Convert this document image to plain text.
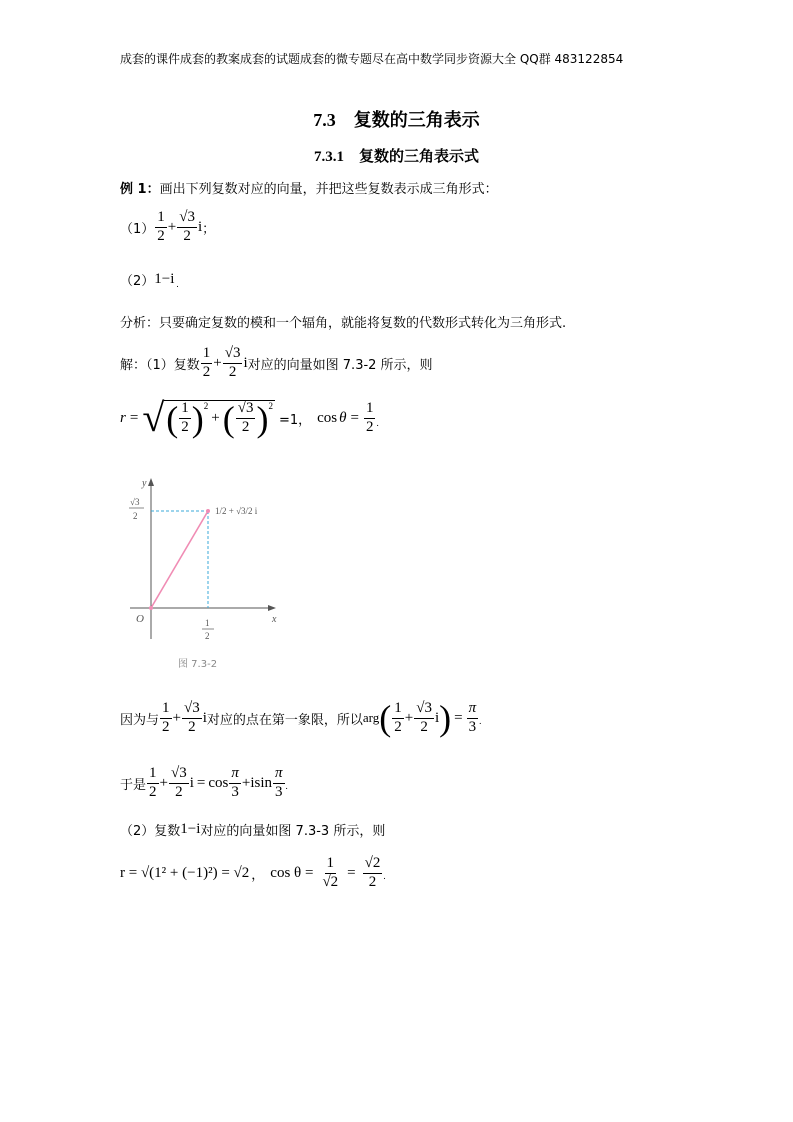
成套的课件成套的教案成套的试题成套的微专题尽在高中数学同步资源大全 QQ群 483122854
7.3　复数的三角表示
7.3.1　复数的三角表示式
例 1：画出下列复数对应的向量，并把这些复数表示成三角形式：
$(1) \frac{1}{2} + \frac{√3}{2}$ i ；
（2） 1−i .
分析：只要确定复数的模和一个辐角，就能将复数的代数形式转化为三角形式.
解：（1）复数 $\frac{1}{2} + \frac{√3}{2}$ i 对应的向量如图 7.3-2 所示，则
r = √ ( $\frac{1}{2} )^2$
+ ( $\frac{√3}{2} )^2$
=1， $\cos \theta = \frac{1}{2}$ .
y
x
O
√3
2
1
2
1/2 + √3/2 i
图 7.3-2
因为与 $\frac{1}{2} + \frac{√3}{2}$ i 对应的点在第一象限，所以 arg ( $\frac{1}{2} + \frac{√3}{2}$ i ) = $\frac{\pi}{3}$ .
于是 $\frac{1}{2} + \frac{√3}{2}$ $i = \cos \frac{\pi}{3} + isin \frac{\pi}{3}$ .
（2）复数 1−i 对应的向量如图 7.3-3 所示，则
r = √(1² + (−1)²) = √2 ， $\cos \theta = \frac{1}{√2} = \frac{√2}{2}$ .
